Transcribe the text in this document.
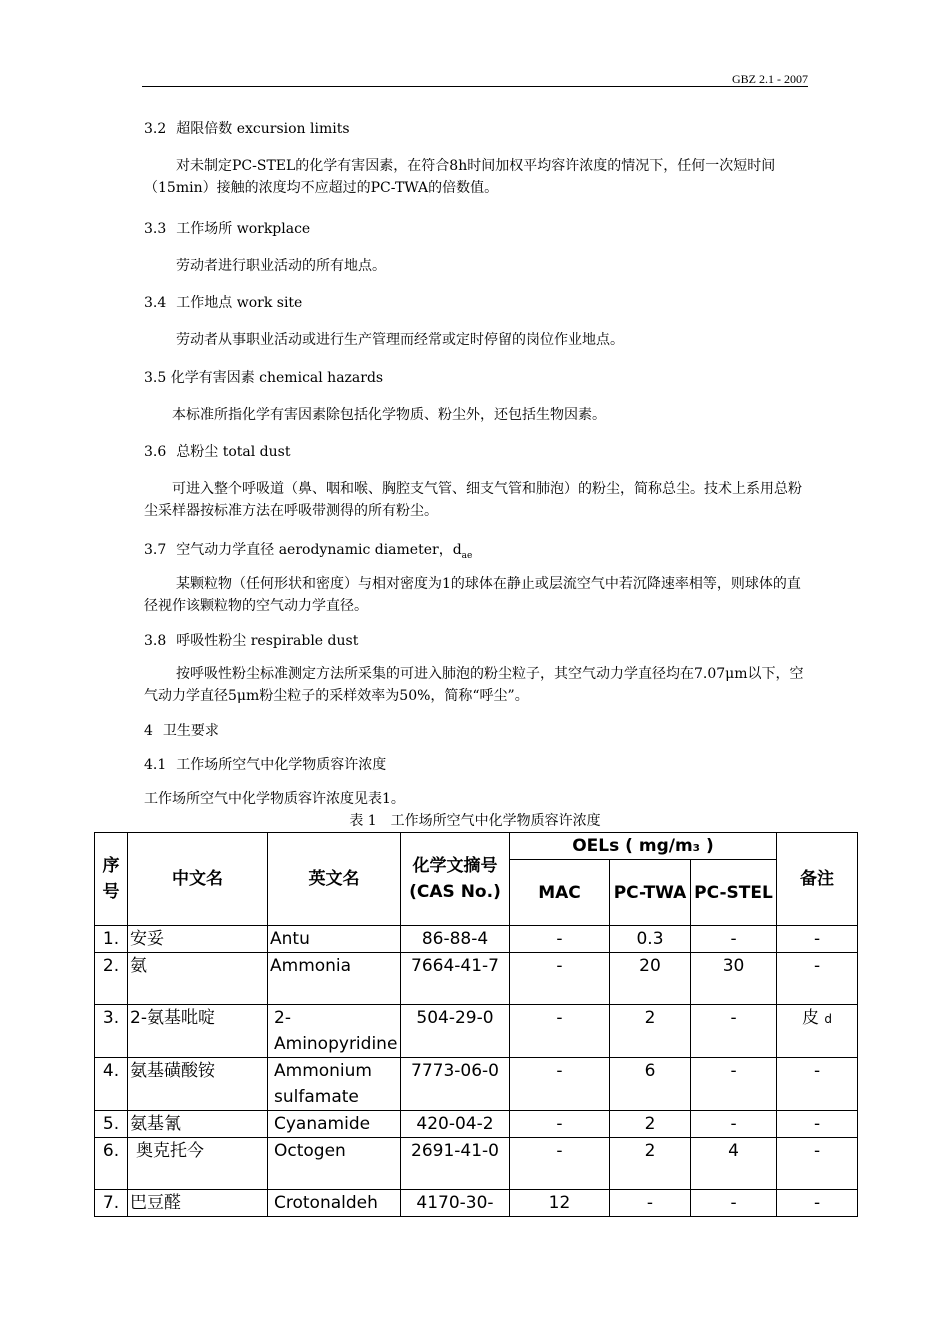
GBZ 2.1 - 2007
3.2 超限倍数 excursion limits
对未制定PC-STEL的化学有害因素，在符合8h时间加权平均容许浓度的情况下，任何一次短时间（15min）接触的浓度均不应超过的PC-TWA的倍数值。
3.3 工作场所 workplace
劳动者进行职业活动的所有地点。
3.4 工作地点 work site
劳动者从事职业活动或进行生产管理而经常或定时停留的岗位作业地点。
3.5 化学有害因素 chemical hazards
本标准所指化学有害因素除包括化学物质、粉尘外，还包括生物因素。
3.6 总粉尘 total dust
可进入整个呼吸道（鼻、咽和喉、胸腔支气管、细支气管和肺泡）的粉尘，简称总尘。技术上系用总粉尘采样器按标准方法在呼吸带测得的所有粉尘。
3.7 空气动力学直径 aerodynamic diameter，$d_{ae}$
某颗粒物（任何形状和密度）与相对密度为1的球体在静止或层流空气中若沉降速率相等，则球体的直径视作该颗粒物的空气动力学直径。
3.8 呼吸性粉尘 respirable dust
按呼吸性粉尘标准测定方法所采集的可进入肺泡的粉尘粒子，其空气动力学直径均在7.07μm以下，空气动力学直径5μm粉尘粒子的采样效率为50%，简称“呼尘”。
4 卫生要求
4.1 工作场所空气中化学物质容许浓度
工作场所空气中化学物质容许浓度见表1。
表 1　工作场所空气中化学物质容许浓度
序号	中文名	英文名	化学文摘号(CAS No.)	OELs ( mg/m₃ )			备注
				MAC	PC-TWA	PC-STEL	
1.	安妥	Antu	86-88-4	-	0.3	-	-
2.	氨	Ammonia	7664-41-7	-	20	30	-
3.	2-氨基吡啶	2-Aminopyridine	504-29-0	-	2	-	皮 d
4.	氨基磺酸铵	Ammonium sulfamate	7773-06-0	-	6	-	-
5.	氨基氰	Cyanamide	420-04-2	-	2	-	-
6.	奥克托今	Octogen	2691-41-0	-	2	4	-
7.	巴豆醛	Crotonaldeh	4170-30-	12	-	-	-
